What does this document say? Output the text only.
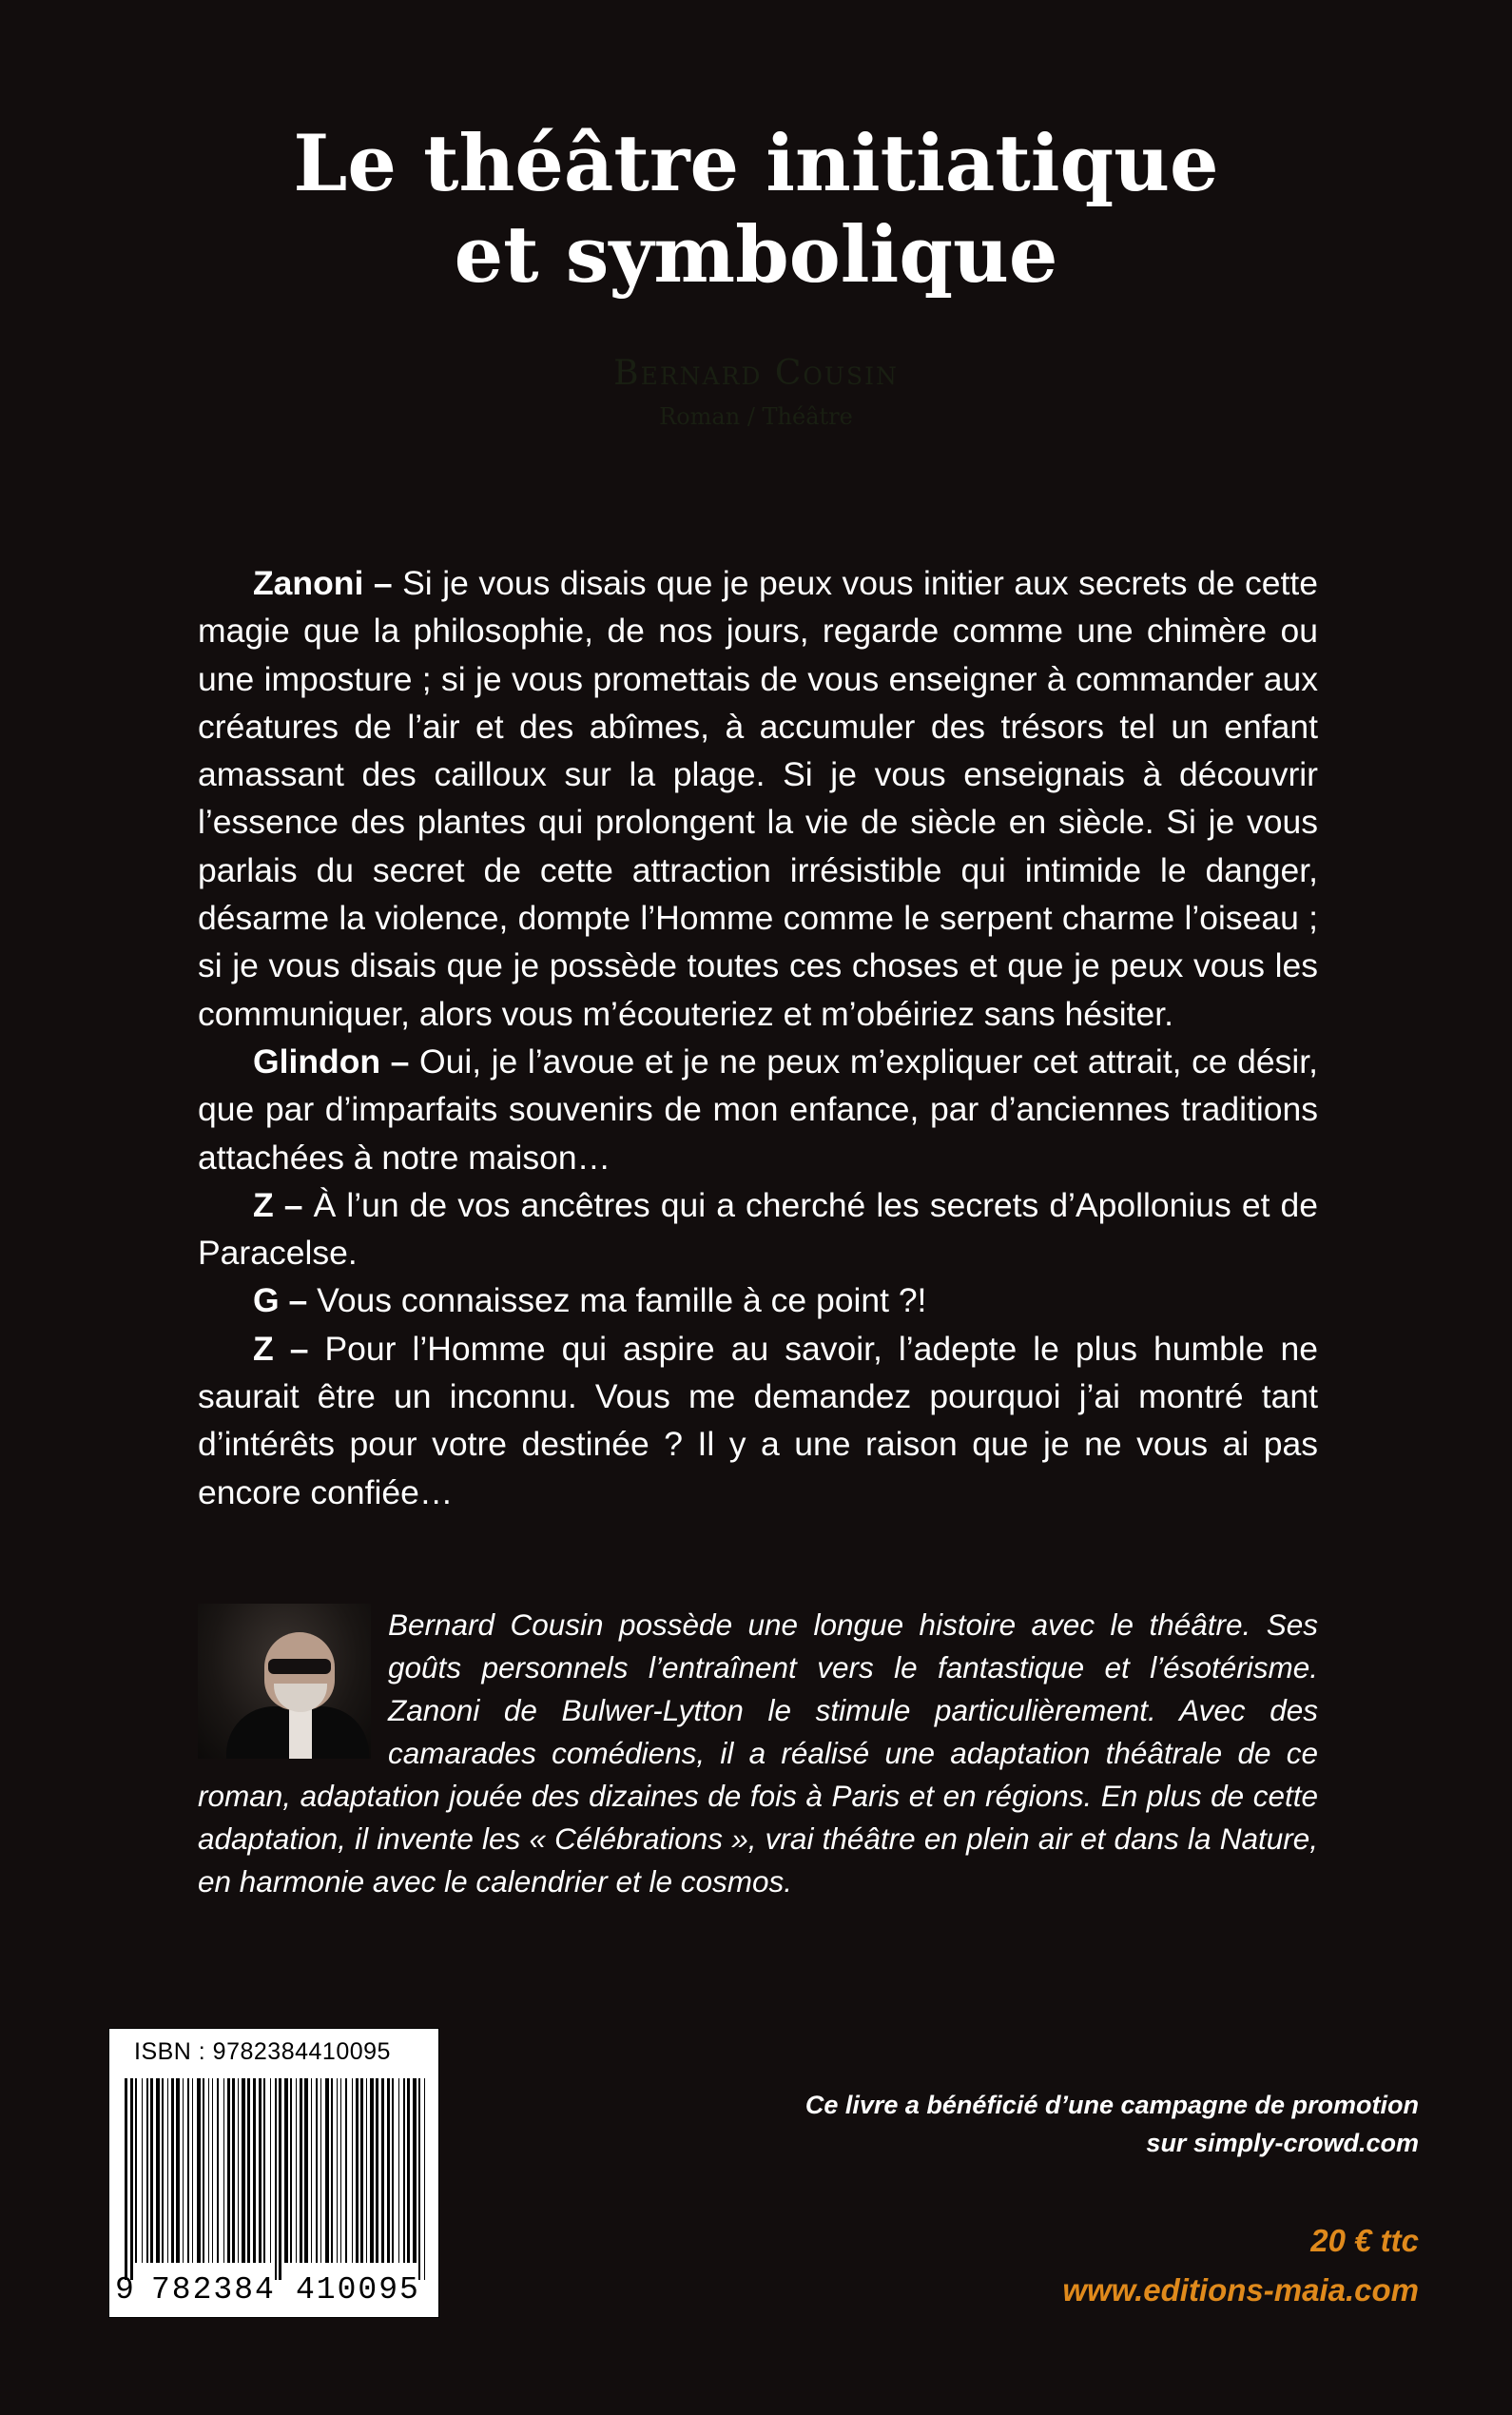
Le théâtre initiatique
et symbolique
Bernard Cousin
Roman / Théâtre

Zanoni – Si je vous disais que je peux vous initier aux secrets de cette magie que la philosophie, de nos jours, regarde comme une chimère ou une imposture ; si je vous promettais de vous enseigner à commander aux créatures de l’air et des abîmes, à accumuler des trésors tel un enfant amassant des cailloux sur la plage. Si je vous enseignais à découvrir l’essence des plantes qui prolongent la vie de siècle en siècle. Si je vous parlais du secret de cette attraction irrésistible qui intimide le danger, désarme la violence, dompte l’Homme comme le serpent charme l’oiseau ; si je vous disais que je possède toutes ces choses et que je peux vous les communiquer, alors vous m’écouteriez et m’obéiriez sans hésiter.

Glindon – Oui, je l’avoue et je ne peux m’expliquer cet attrait, ce désir, que par d’imparfaits souvenirs de mon enfance, par d’anciennes traditions attachées à notre maison…

Z – À l’un de vos ancêtres qui a cherché les secrets d’Apollonius et de Paracelse.

G – Vous connaissez ma famille à ce point ?!

Z – Pour l’Homme qui aspire au savoir, l’adepte le plus humble ne saurait être un inconnu. Vous me demandez pourquoi j’ai montré tant d’intérêts pour votre destinée ? Il y a une raison que je ne vous ai pas encore confiée…

Bernard Cousin possède une longue histoire avec le théâtre. Ses goûts personnels l’entraînent vers le fantastique et l’ésotérisme. Zanoni de Bulwer-Lytton le stimule particulièrement. Avec des camarades comédiens, il a réalisé une adaptation théâtrale de ce roman, adaptation jouée des dizaines de fois à Paris et en régions. En plus de cette adaptation, il invente les « Célébrations », vrai théâtre en plein air et dans la Nature, en harmonie avec le calendrier et le cosmos.
ISBN : 9782384410095
9 782384 410095
Ce livre a bénéficié d’une campagne de promotion
sur simply-crowd.com
20 € ttc
www.editions-maia.com
